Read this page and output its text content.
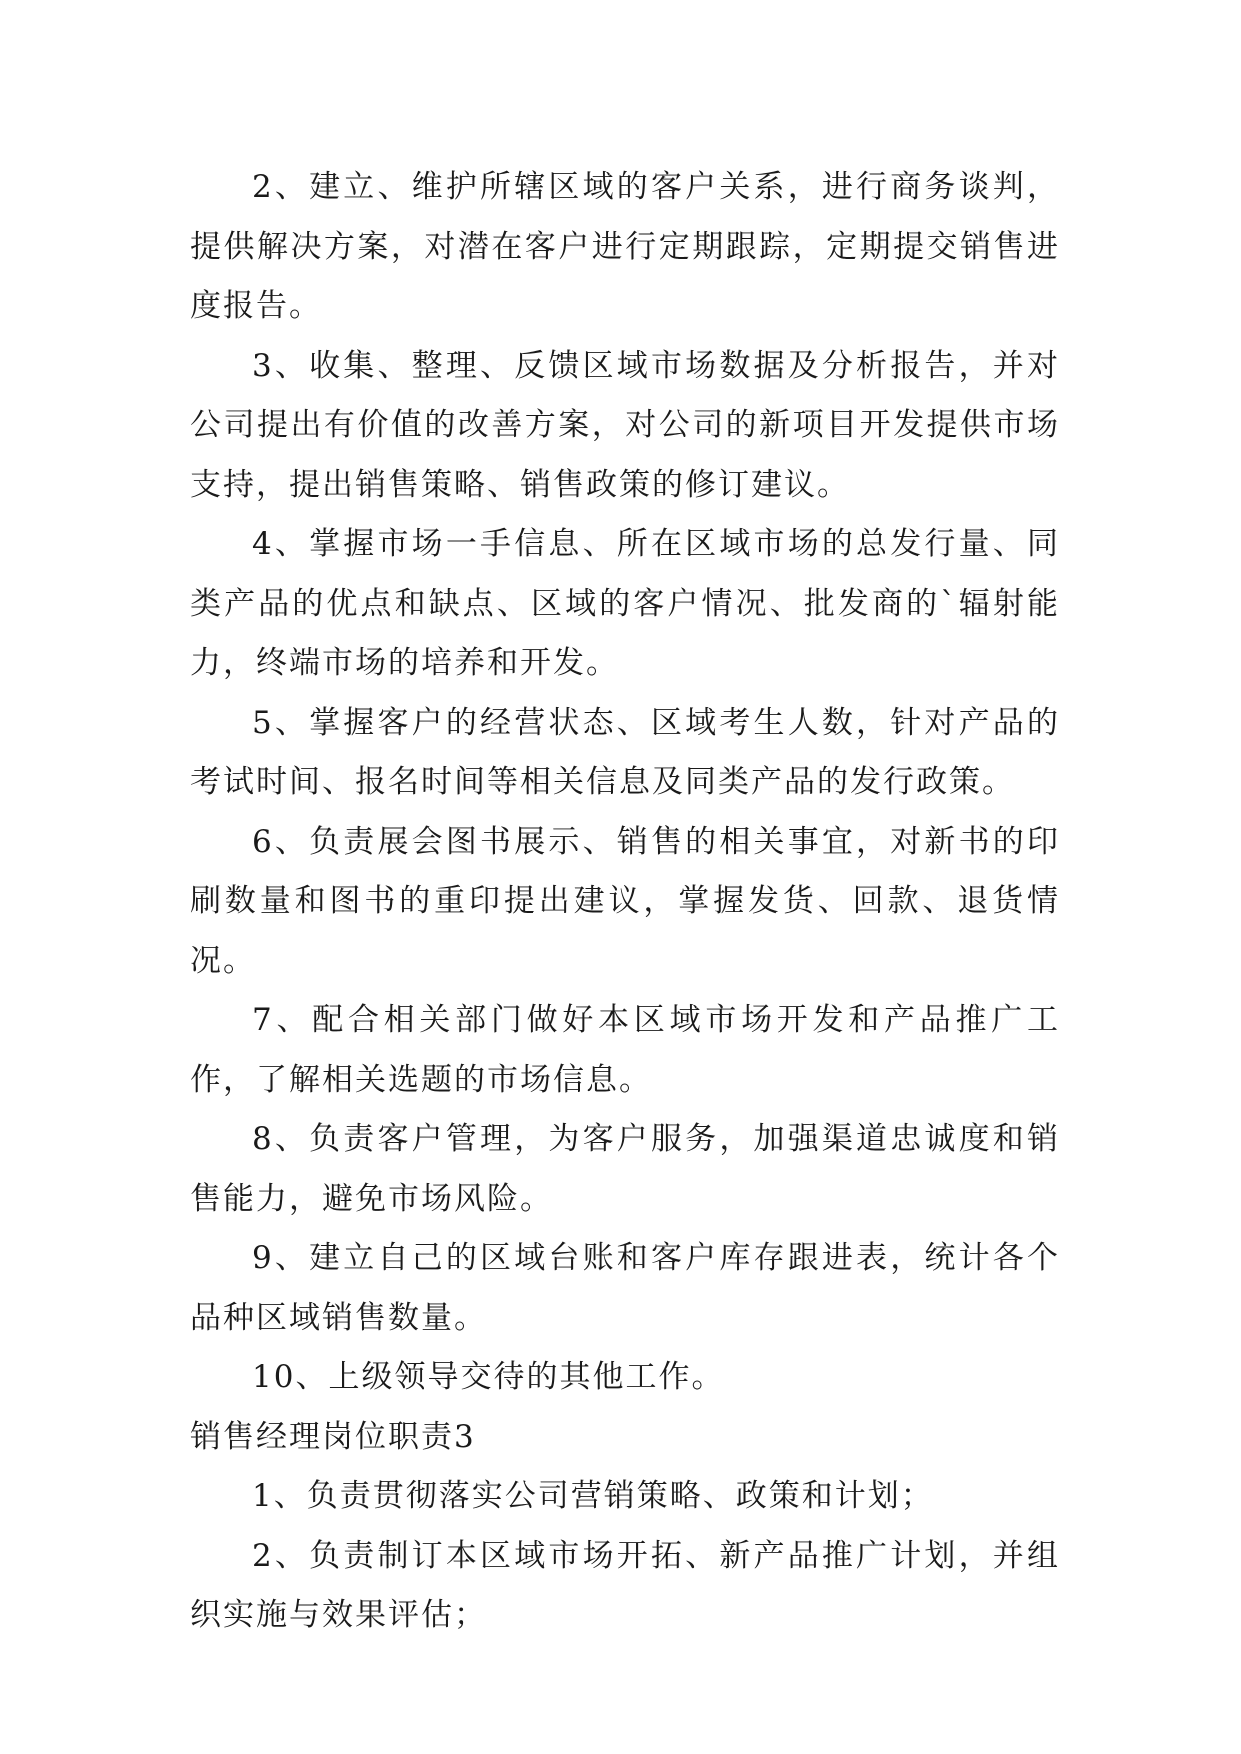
2、建立、维护所辖区域的客户关系，进行商务谈判，提供解决方案，对潜在客户进行定期跟踪，定期提交销售进度报告。

3、收集、整理、反馈区域市场数据及分析报告，并对公司提出有价值的改善方案，对公司的新项目开发提供市场支持，提出销售策略、销售政策的修订建议。

4、掌握市场一手信息、所在区域市场的总发行量、同类产品的优点和缺点、区域的客户情况、批发商的`辐射能力，终端市场的培养和开发。

5、掌握客户的经营状态、区域考生人数，针对产品的考试时间、报名时间等相关信息及同类产品的发行政策。

6、负责展会图书展示、销售的相关事宜，对新书的印刷数量和图书的重印提出建议，掌握发货、回款、退货情况。

7、配合相关部门做好本区域市场开发和产品推广工作，了解相关选题的市场信息。

8、负责客户管理，为客户服务，加强渠道忠诚度和销售能力，避免市场风险。

9、建立自己的区域台账和客户库存跟进表，统计各个品种区域销售数量。

10、上级领导交待的其他工作。

销售经理岗位职责3

1、负责贯彻落实公司营销策略、政策和计划；

2、负责制订本区域市场开拓、新产品推广计划，并组织实施与效果评估；
